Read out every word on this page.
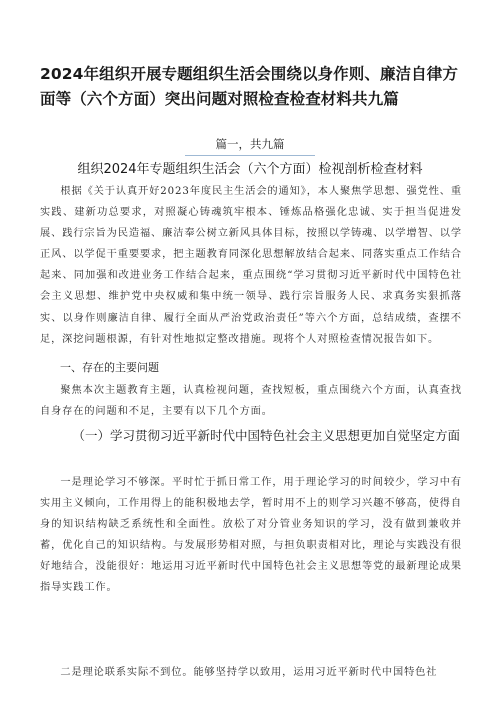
2024年组织开展专题组织生活会围绕以身作则、廉洁自律方面等（六个方面）突出问题对照检查检查材料共九篇
篇一，共九篇
组织2024年专题组织生活会（六个方面）检视剖析检查材料

根据《关于认真开好2023年度民主生活会的通知》，本人聚焦学思想、强党性、重实践、建新功总要求，对照凝心铸魂筑牢根本、锤炼品格强化忠诚、实于担当促进发展、践行宗旨为民造福、廉洁奉公树立新风具体目标，按照以学铸魂、以学增智、以学正风、以学促干重要要求，把主题教育同深化思想解放结合起来、同落实重点工作结合起来、同加强和改进业务工作结合起来，重点围绕“学习贯彻习近平新时代中国特色社会主义思想、维护党中央权威和集中统一领导、践行宗旨服务人民、求真务实狠抓落实、以身作则廉洁自律、履行全面从严治党政治责任”等六个方面，总结成绩，查摆不足，深挖问题根源，有针对性地拟定整改措施。现将个人对照检查情况报告如下。

一、存在的主要问题

聚焦本次主题教育主题，认真检视问题，查找短板，重点围绕六个方面，认真查找自身存在的问题和不足，主要有以下几个方面。

（一）学习贯彻习近平新时代中国特色社会主义思想更加自觉坚定方面

一是理论学习不够深。平时忙于抓日常工作，用于理论学习的时间较少，学习中有实用主义倾向，工作用得上的能积极地去学，暂时用不上的则学习兴趣不够高，使得自身的知识结构缺乏系统性和全面性。放松了对分管业务知识的学习，没有做到兼收并蓄，优化自己的知识结构。与发展形势相对照，与担负职责相对比，理论与实践没有很好地结合，没能很好：地运用习近平新时代中国特色社会主义思想等党的最新理论成果指导实践工作。

二是理论联系实际不到位。能够坚持学以致用，运用习近平新时代中国特色社
